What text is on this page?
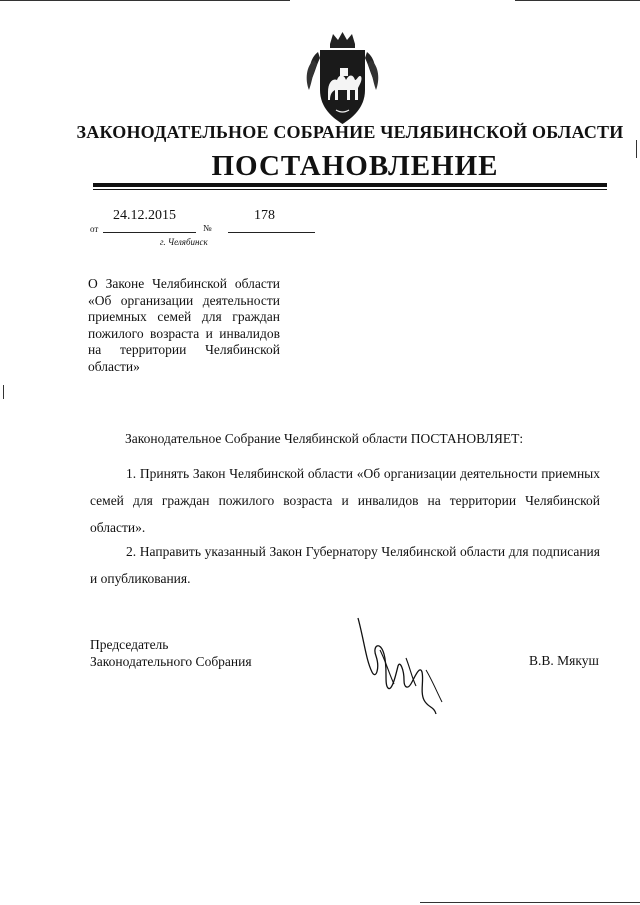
ЗАКОНОДАТЕЛЬНОЕ СОБРАНИЕ ЧЕЛЯБИНСКОЙ ОБЛАСТИ
ПОСТАНОВЛЕНИЕ
24.12.2015	178
от	№
г. Челябинск
О Законе Челябинской области
«Об организации деятельности
приемных семей для граждан
пожилого возраста и инвалидов
на территории Челябинской
области»
Законодательное Собрание Челябинской области ПОСТАНОВЛЯЕТ:
1. Принять Закон Челябинской области «Об организации деятельности приемных семей для граждан пожилого возраста и инвалидов на территории Челябинской области».
2. Направить указанный Закон Губернатору Челябинской области для подписания и опубликования.
Председатель
Законодательного Собрания	В.В. Мякуш
